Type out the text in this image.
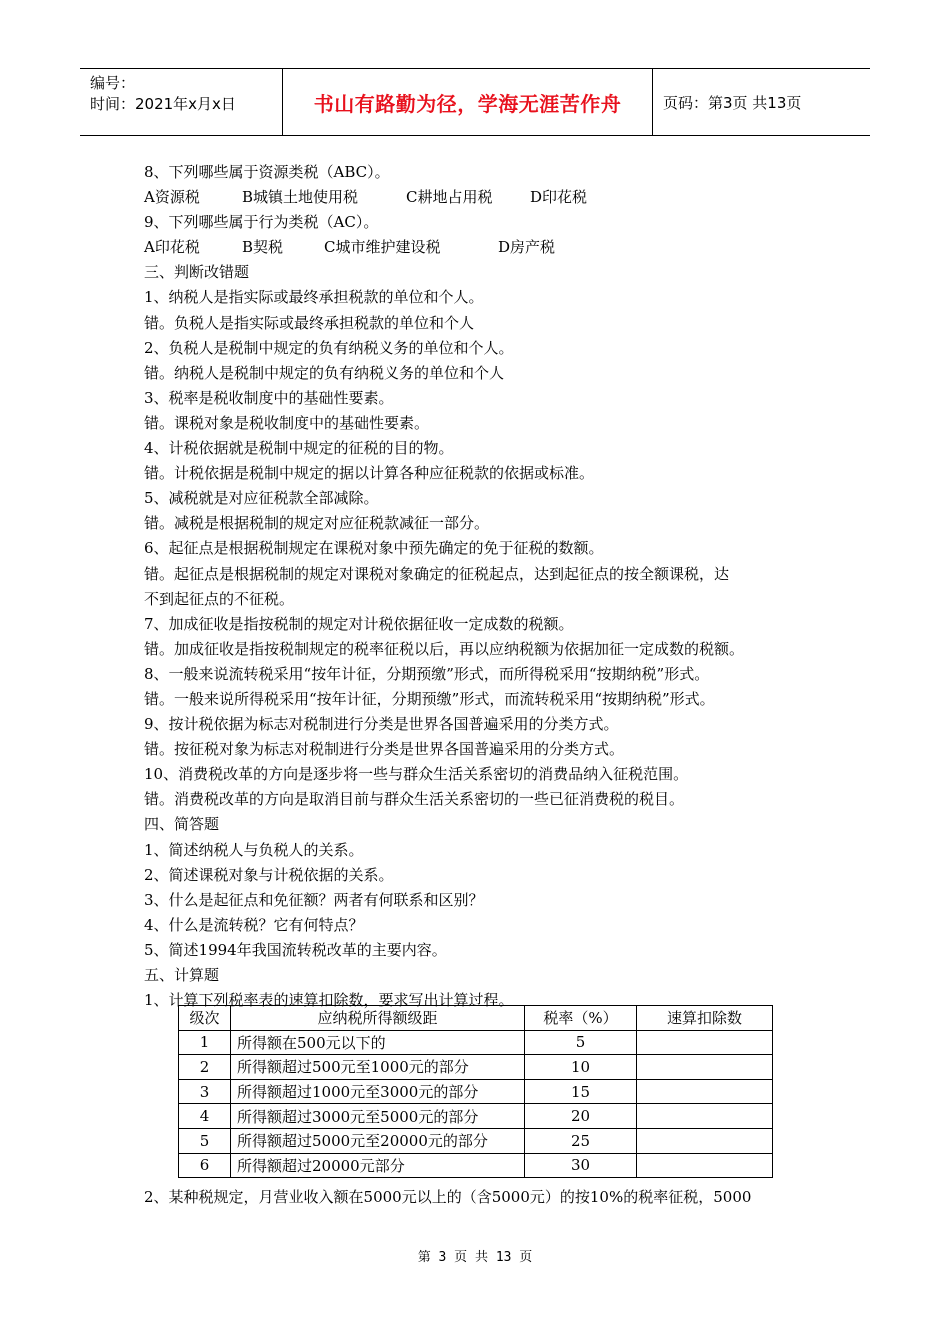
编号：
时间：2021年x月x日	书山有路勤为径，学海无涯苦作舟	页码：第3页 共13页
8、下列哪些属于资源类税（ABC）。
A资源税	B城镇土地使用税	C耕地占用税	D印花税
9、下列哪些属于行为类税（AC）。
A印花税	B契税	C城市维护建设税	D房产税
三、判断改错题
1、纳税人是指实际或最终承担税款的单位和个人。
错。负税人是指实际或最终承担税款的单位和个人
2、负税人是税制中规定的负有纳税义务的单位和个人。
错。纳税人是税制中规定的负有纳税义务的单位和个人
3、税率是税收制度中的基础性要素。
错。课税对象是税收制度中的基础性要素。
4、计税依据就是税制中规定的征税的目的物。
错。计税依据是税制中规定的据以计算各种应征税款的依据或标准。
5、减税就是对应征税款全部减除。
错。减税是根据税制的规定对应征税款减征一部分。
6、起征点是根据税制规定在课税对象中预先确定的免于征税的数额。
错。起征点是根据税制的规定对课税对象确定的征税起点，达到起征点的按全额课税，达
不到起征点的不征税。
7、加成征收是指按税制的规定对计税依据征收一定成数的税额。
错。加成征收是指按税制规定的税率征税以后，再以应纳税额为依据加征一定成数的税额。
8、一般来说流转税采用“按年计征，分期预缴”形式，而所得税采用“按期纳税”形式。
错。一般来说所得税采用“按年计征，分期预缴”形式，而流转税采用“按期纳税”形式。
9、按计税依据为标志对税制进行分类是世界各国普遍采用的分类方式。
错。按征税对象为标志对税制进行分类是世界各国普遍采用的分类方式。
10、消费税改革的方向是逐步将一些与群众生活关系密切的消费品纳入征税范围。
错。消费税改革的方向是取消目前与群众生活关系密切的一些已征消费税的税目。
四、简答题
1、简述纳税人与负税人的关系。
2、简述课税对象与计税依据的关系。
3、什么是起征点和免征额？两者有何联系和区别？
4、什么是流转税？它有何特点？
5、简述1994年我国流转税改革的主要内容。
五、计算题
1、计算下列税率表的速算扣除数，要求写出计算过程。
级次	应纳税所得额级距	税率（%）	速算扣除数
1	所得额在500元以下的	5	
2	所得额超过500元至1000元的部分	10	
3	所得额超过1000元至3000元的部分	15	
4	所得额超过3000元至5000元的部分	20	
5	所得额超过5000元至20000元的部分	25	
6	所得额超过20000元部分	30	
2、某种税规定，月营业收入额在5000元以上的（含5000元）的按10%的税率征税，5000
第 3 页 共 13 页
